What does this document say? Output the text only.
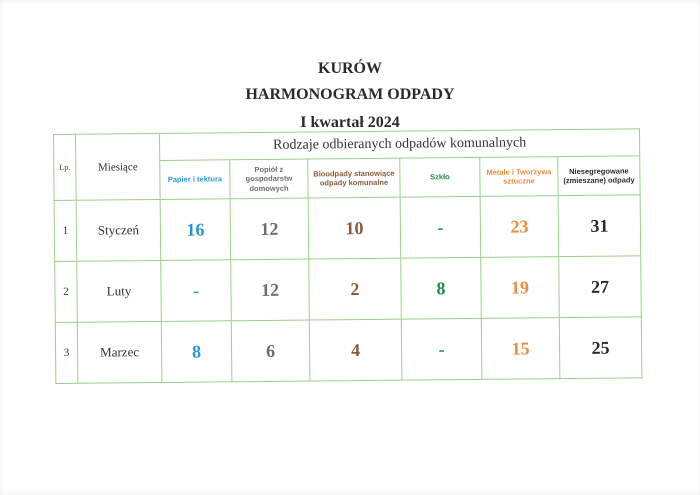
KURÓW
HARMONOGRAM ODPADY
I kwartał 2024
Lp.	Miesiące	Rodzaje odbieranych odpadów komunalnych					
		Papier i tektura	Popiół z gospodarstw domowych	Bioodpady stanowiące odpady komunalne	Szkło	Metale i Tworzywa sztuczne	Niesegregowane (zmieszane) odpady
1	Styczeń	16	12	10	-	23	31
2	Luty	-	12	2	8	19	27
3	Marzec	8	6	4	-	15	25
